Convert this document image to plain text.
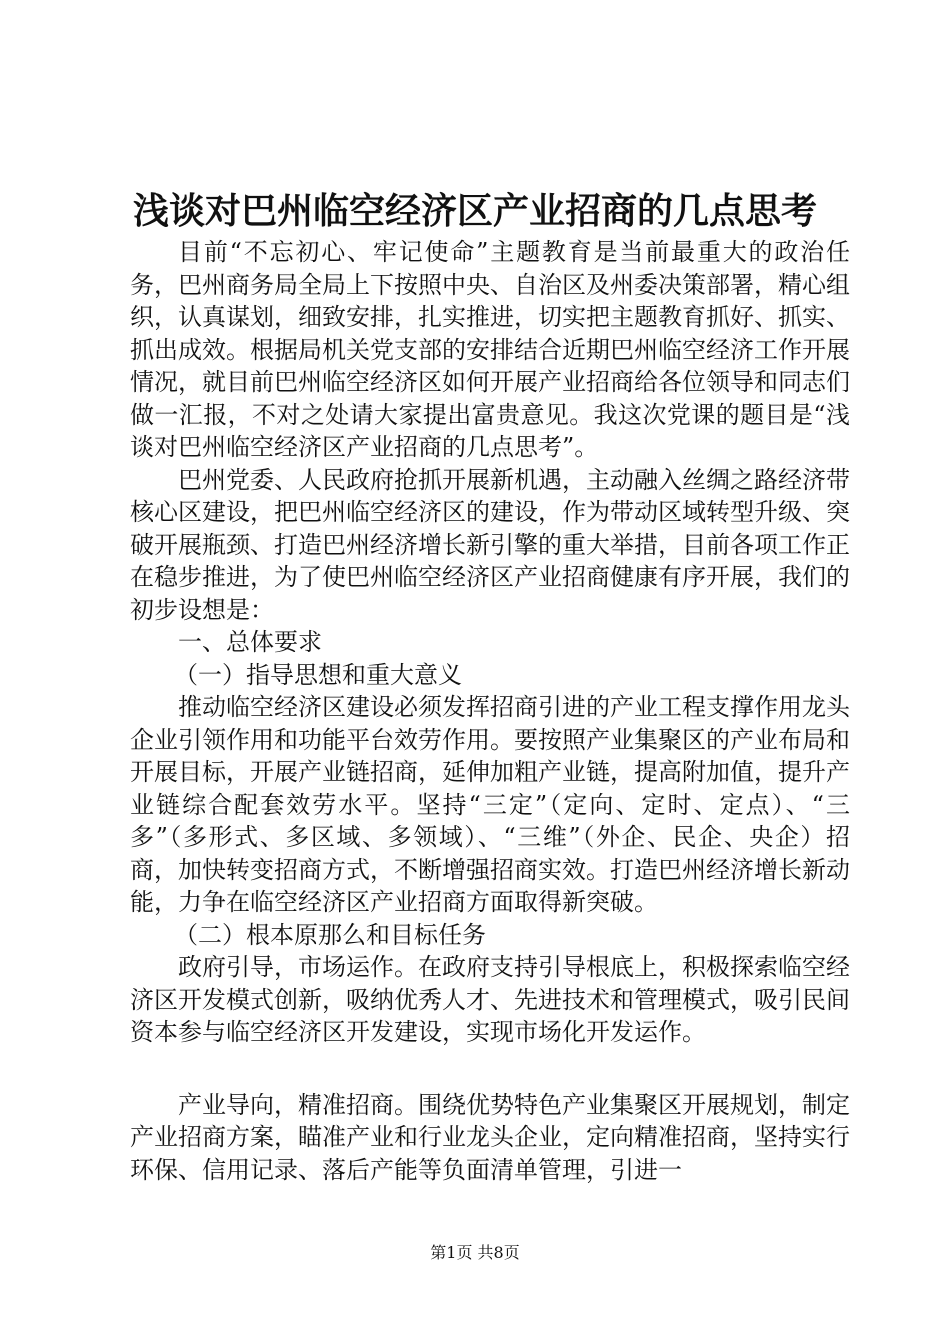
浅谈对巴州临空经济区产业招商的几点思考

目前“不忘初心、牢记使命”主题教育是当前最重大的政治任务，巴州商务局全局上下按照中央、自治区及州委决策部署，精心组织，认真谋划，细致安排，扎实推进，切实把主题教育抓好、抓实、抓出成效。根据局机关党支部的安排结合近期巴州临空经济工作开展情况，就目前巴州临空经济区如何开展产业招商给各位领导和同志们做一汇报，不对之处请大家提出富贵意见。我这次党课的题目是“浅谈对巴州临空经济区产业招商的几点思考”。

巴州党委、人民政府抢抓开展新机遇，主动融入丝绸之路经济带核心区建设，把巴州临空经济区的建设，作为带动区域转型升级、突破开展瓶颈、打造巴州经济增长新引擎的重大举措，目前各项工作正在稳步推进，为了使巴州临空经济区产业招商健康有序开展，我们的初步设想是：

一、总体要求

（一）指导思想和重大意义

推动临空经济区建设必须发挥招商引进的产业工程支撑作用龙头企业引领作用和功能平台效劳作用。要按照产业集聚区的产业布局和开展目标，开展产业链招商，延伸加粗产业链，提高附加值，提升产业链综合配套效劳水平。坚持“三定”（定向、定时、定点）、“三多”（多形式、多区域、多领域）、“三维”（外企、民企、央企）招商，加快转变招商方式，不断增强招商实效。打造巴州经济增长新动能，力争在临空经济区产业招商方面取得新突破。

（二）根本原那么和目标任务

政府引导，市场运作。在政府支持引导根底上，积极探索临空经济区开发模式创新，吸纳优秀人才、先进技术和管理模式，吸引民间资本参与临空经济区开发建设，实现市场化开发运作。

产业导向，精准招商。围绕优势特色产业集聚区开展规划，制定产业招商方案，瞄准产业和行业龙头企业，定向精准招商，坚持实行环保、信用记录、落后产能等负面清单管理，引进一

第1页 共8页
